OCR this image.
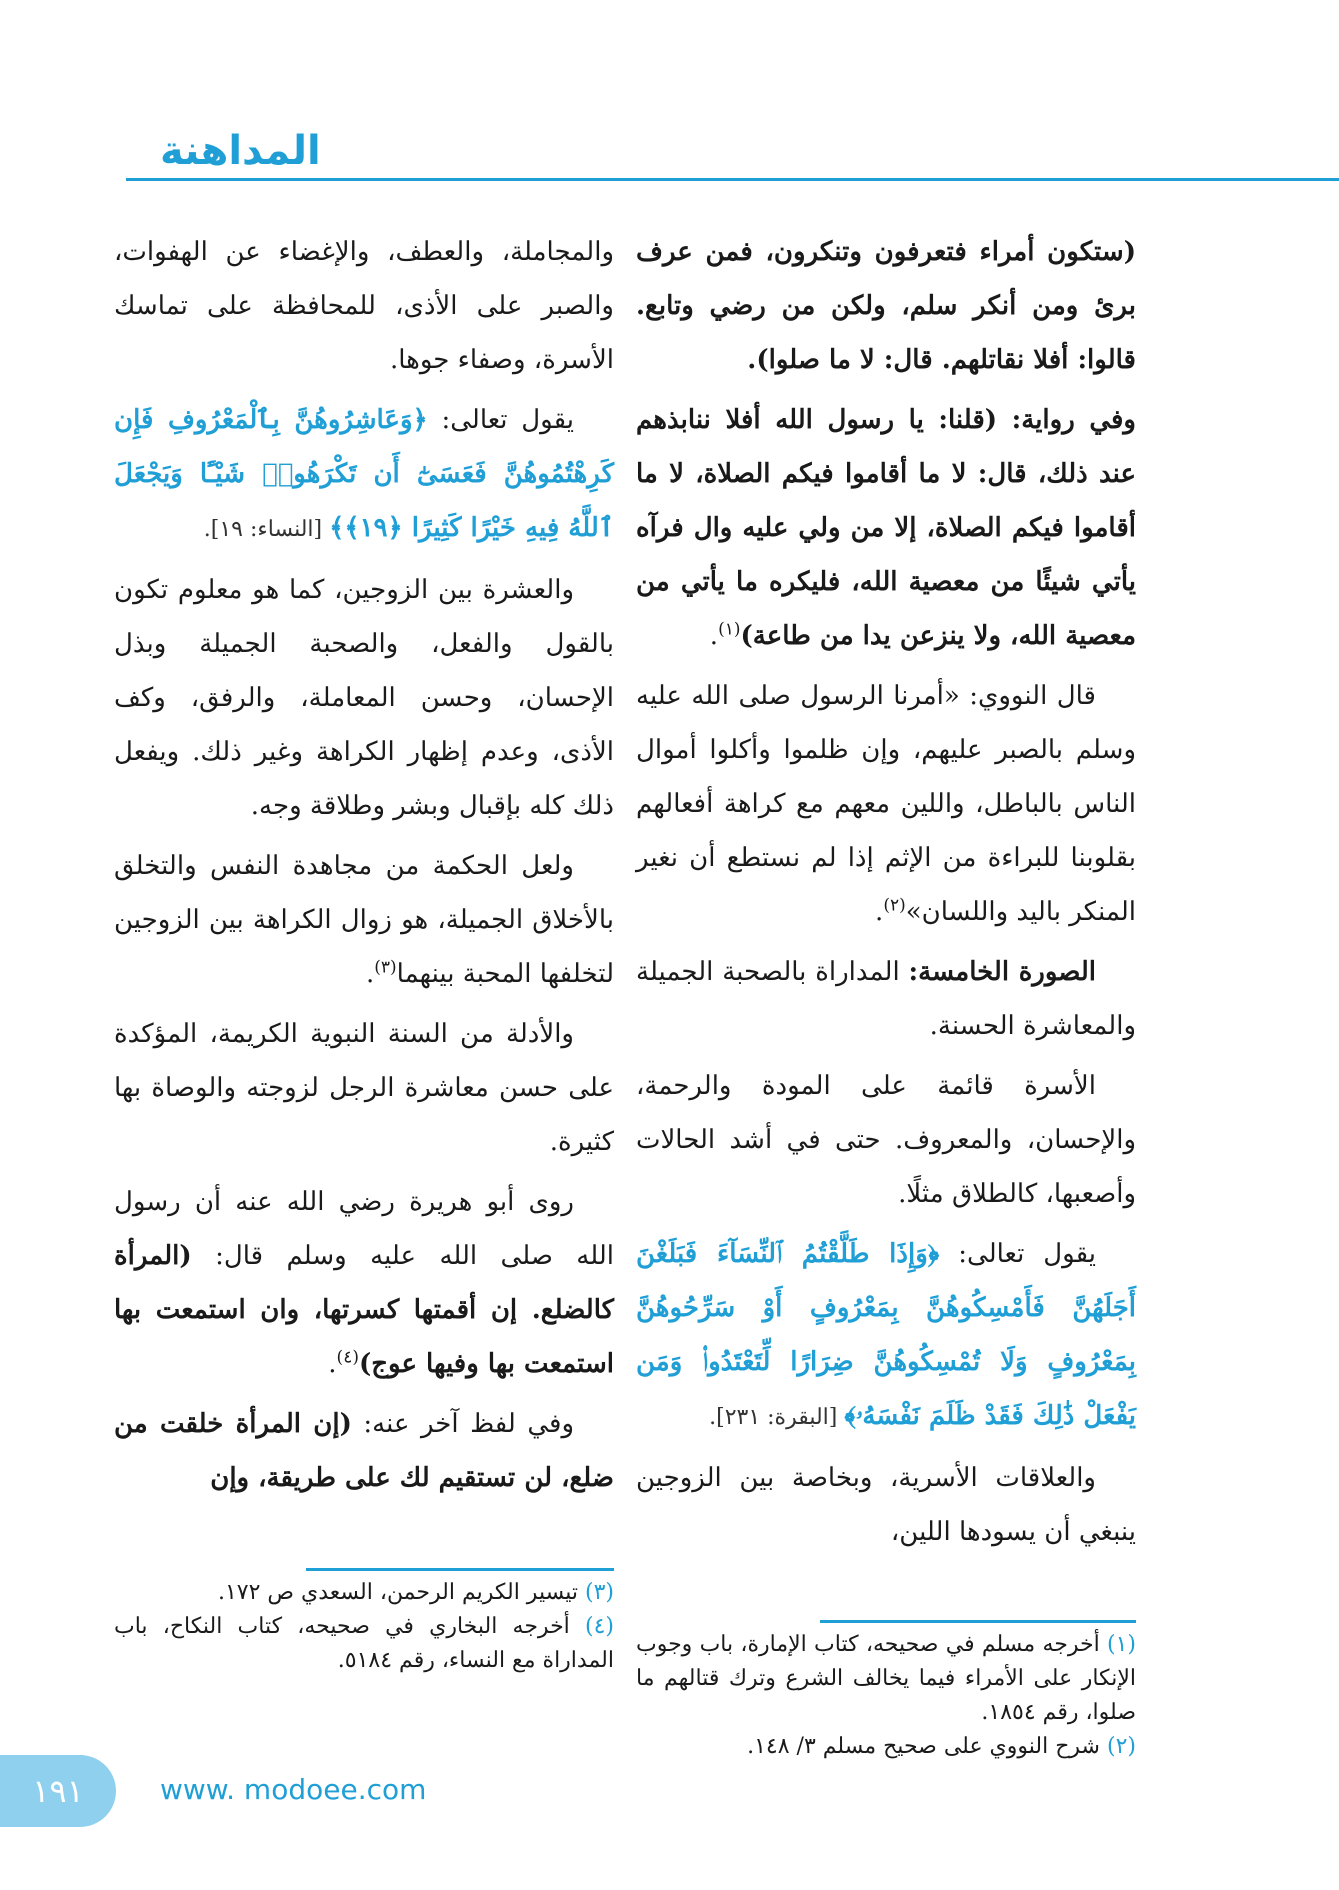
المداهنة

(ستكون أمراء فتعرفون وتنكرون، فمن عرف برئ ومن أنكر سلم، ولكن من رضي وتابع. قالوا: أفلا نقاتلهم. قال: لا ما صلوا).

وفي رواية: (قلنا: يا رسول الله أفلا ننابذهم عند ذلك، قال: لا ما أقاموا فيكم الصلاة، لا ما أقاموا فيكم الصلاة، إلا من ولي عليه وال فرآه يأتي شيئًا من معصية الله، فليكره ما يأتي من معصية الله، ولا ينزعن يدا من طاعة)$^{(١)}$.

قال النووي: «أمرنا الرسول صلى الله عليه وسلم بالصبر عليهم، وإن ظلموا وأكلوا أموال الناس بالباطل، واللين معهم مع كراهة أفعالهم بقلوبنا للبراءة من الإثم إذا لم نستطع أن نغير المنكر باليد واللسان»$^{(٢)}$.

الصورة الخامسة: المداراة بالصحبة الجميلة والمعاشرة الحسنة.

الأسرة قائمة على المودة والرحمة، والإحسان، والمعروف. حتى في أشد الحالات وأصعبها، كالطلاق مثلًا.

يقول تعالى: ﴿وَإِذَا طَلَّقْتُمُ ٱلنِّسَآءَ فَبَلَغْنَ أَجَلَهُنَّ فَأَمْسِكُوهُنَّ بِمَعْرُوفٍ أَوْ سَرِّحُوهُنَّ بِمَعْرُوفٍ وَلَا تُمْسِكُوهُنَّ ضِرَارًا لِّتَعْتَدُوا۟ وَمَن يَفْعَلْ ذَٰلِكَ فَقَدْ ظَلَمَ نَفْسَهُۥ﴾ [البقرة: ٢٣١].

والعلاقات الأسرية، وبخاصة بين الزوجين ينبغي أن يسودها اللين،

(١) أخرجه مسلم في صحيحه، كتاب الإمارة، باب وجوب الإنكار على الأمراء فيما يخالف الشرع وترك قتالهم ما صلوا، رقم ١٨٥٤.

(٢) شرح النووي على صحيح مسلم ٣/ ١٤٨.

والمجاملة، والعطف، والإغضاء عن الهفوات، والصبر على الأذى، للمحافظة على تماسك الأسرة، وصفاء جوها.

يقول تعالى: ﴿وَعَاشِرُوهُنَّ بِٱلْمَعْرُوفِ فَإِن كَرِهْتُمُوهُنَّ فَعَسَىٰٓ أَن تَكْرَهُوا۟ شَيْـًٔا وَيَجْعَلَ ٱللَّهُ فِيهِ خَيْرًا كَثِيرًا ﴿١٩﴾﴾ [النساء: ١٩].

والعشرة بين الزوجين، كما هو معلوم تكون بالقول والفعل، والصحبة الجميلة وبذل الإحسان، وحسن المعاملة، والرفق، وكف الأذى، وعدم إظهار الكراهة وغير ذلك. ويفعل ذلك كله بإقبال وبشر وطلاقة وجه.

ولعل الحكمة من مجاهدة النفس والتخلق بالأخلاق الجميلة، هو زوال الكراهة بين الزوجين لتخلفها المحبة بينهما$^{(٣)}$.

والأدلة من السنة النبوية الكريمة، المؤكدة على حسن معاشرة الرجل لزوجته والوصاة بها كثيرة.

روى أبو هريرة رضي الله عنه أن رسول الله صلى الله عليه وسلم قال: (المرأة كالضلع. إن أقمتها كسرتها، وان استمعت بها استمعت بها وفيها عوج)$^{(٤)}$.

وفي لفظ آخر عنه: (إن المرأة خلقت من ضلع، لن تستقيم لك على طريقة، وإن

(٣) تيسير الكريم الرحمن، السعدي ص ١٧٢.

(٤) أخرجه البخاري في صحيحه، كتاب النكاح، باب المداراة مع النساء، رقم ٥١٨٤.

١٩١	www. modoee.com
